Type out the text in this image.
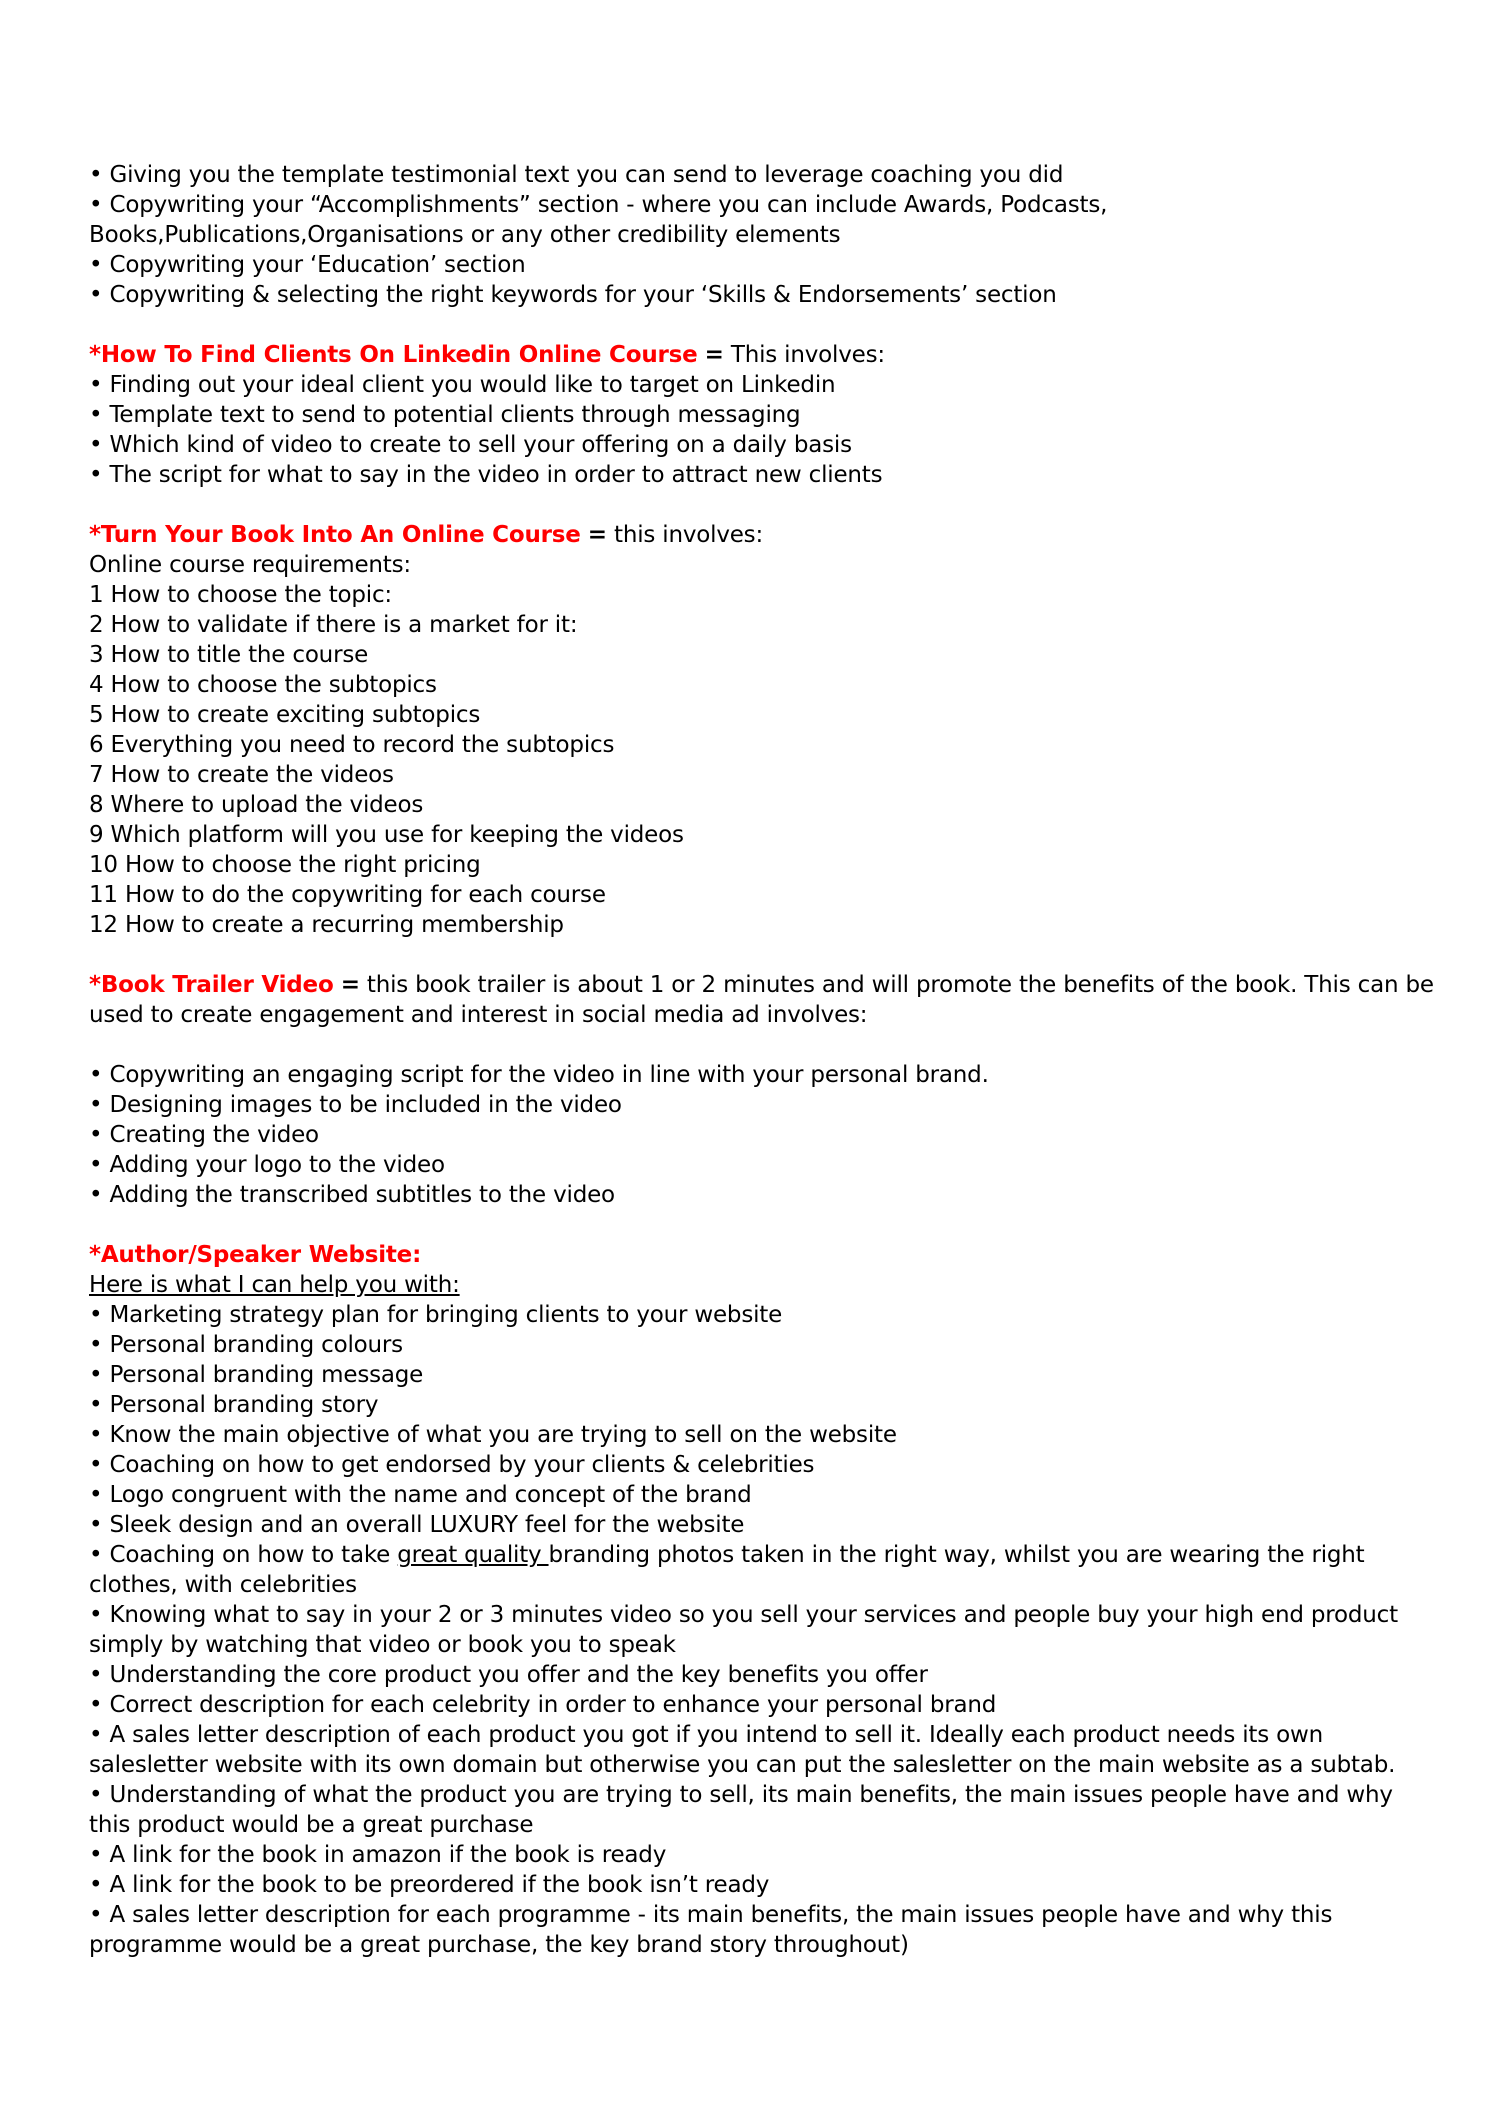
• Giving you the template testimonial text you can send to leverage coaching you did

• Copywriting your “Accomplishments” section - where you can include Awards, Podcasts, Books,Publications,Organisations or any other credibility elements

• Copywriting your ‘Education’ section

• Copywriting & selecting the right keywords for your ‘Skills & Endorsements’ section

*How To Find Clients On Linkedin Online Course = This involves:

• Finding out your ideal client you would like to target on Linkedin

• Template text to send to potential clients through messaging

• Which kind of video to create to sell your offering on a daily basis

• The script for what to say in the video in order to attract new clients

*Turn Your Book Into An Online Course = this involves:

Online course requirements:

1 How to choose the topic:

2 How to validate if there is a market for it:

3 How to title the course

4 How to choose the subtopics

5 How to create exciting subtopics

6 Everything you need to record the subtopics

7 How to create the videos

8 Where to upload the videos

9 Which platform will you use for keeping the videos

10 How to choose the right pricing

11 How to do the copywriting for each course

12 How to create a recurring membership

*Book Trailer Video = this book trailer is about 1 or 2 minutes and will promote the benefits of the book. This can be used to create engagement and interest in social media ad involves:

• Copywriting an engaging script for the video in line with your personal brand.

• Designing images to be included in the video

• Creating the video

• Adding your logo to the video

• Adding the transcribed subtitles to the video

*Author/Speaker Website:

Here is what I can help you with:

• Marketing strategy plan for bringing clients to your website

• Personal branding colours

• Personal branding message

• Personal branding story

• Know the main objective of what you are trying to sell on the website

• Coaching on how to get endorsed by your clients & celebrities

• Logo congruent with the name and concept of the brand

• Sleek design and an overall LUXURY feel for the website

• Coaching on how to take great quality branding photos taken in the right way, whilst you are wearing the right clothes, with celebrities

• Knowing what to say in your 2 or 3 minutes video so you sell your services and people buy your high end product simply by watching that video or book you to speak

• Understanding the core product you offer and the key benefits you offer

• Correct description for each celebrity in order to enhance your personal brand

• A sales letter description of each product you got if you intend to sell it. Ideally each product needs its own salesletter website with its own domain but otherwise you can put the salesletter on the main website as a subtab.

• Understanding of what the product you are trying to sell, its main benefits, the main issues people have and why this product would be a great purchase

• A link for the book in amazon if the book is ready

• A link for the book to be preordered if the book isn’t ready

• A sales letter description for each programme - its main benefits, the main issues people have and why this programme would be a great purchase, the key brand story throughout)
